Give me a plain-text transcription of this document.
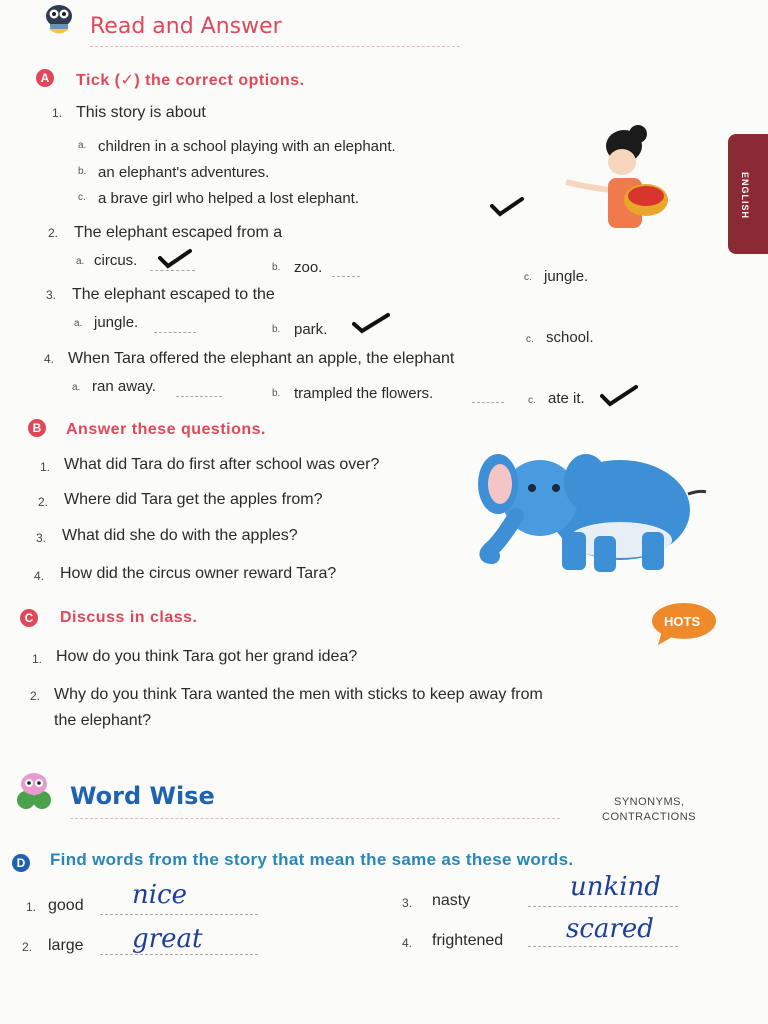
Read and Answer
ENGLISH
A Tick (✓) the correct options.
1. This story is about
a. children in a school playing with an elephant.
b. an elephant's adventures.
c. a brave girl who helped a lost elephant.
2. The elephant escaped from a
a. circus.	b. zoo.
c. jungle.
3. The elephant escaped to the
a. jungle.	b. park.
c. school.
4. When Tara offered the elephant an apple, the elephant
a. ran away.	b. trampled the flowers.	c. ate it.
B Answer these questions.
1. What did Tara do first after school was over?
2. Where did Tara get the apples from?
3. What did she do with the apples?
4. How did the circus owner reward Tara?
C Discuss in class.	HOTS
1. How do you think Tara got her grand idea?
2. Why do you think Tara wanted the men with sticks to keep away from
the elephant?
Word Wise	SYNONYMS,
CONTRACTIONS
D Find words from the story that mean the same as these words.
1. good nice
2. large great
3. nasty	unkind
4. frightened scared
